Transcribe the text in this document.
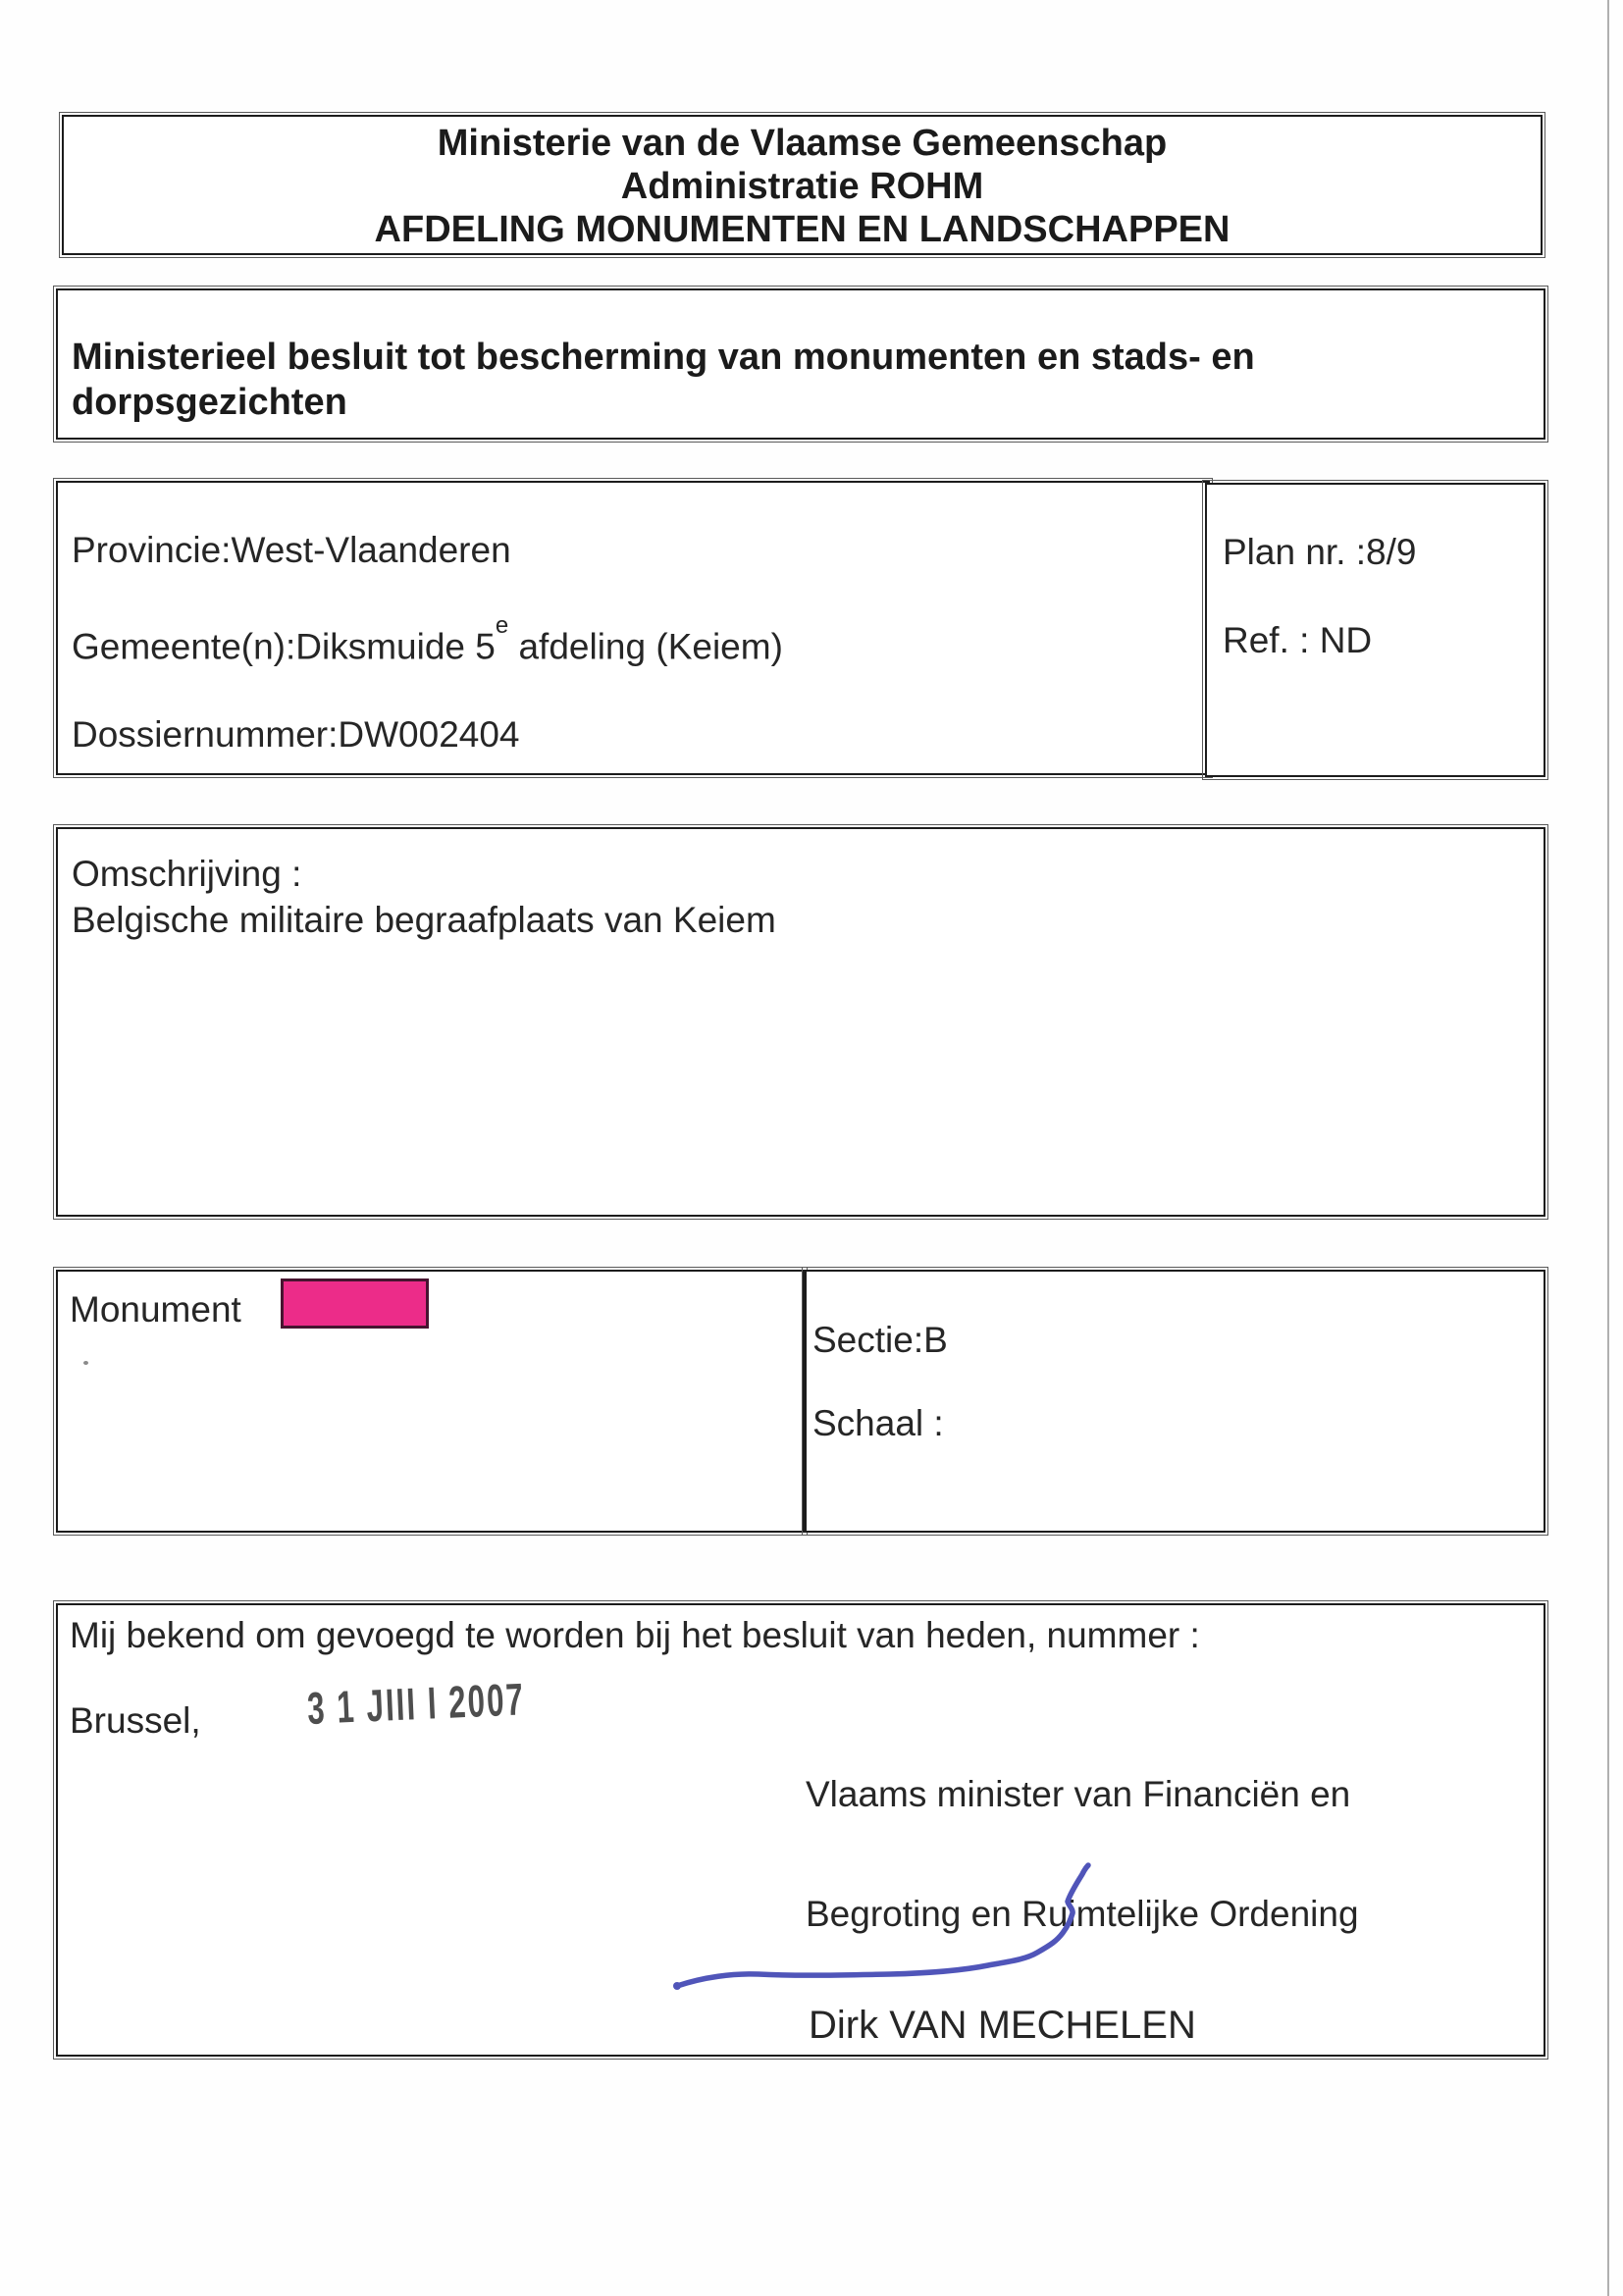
Ministerie van de Vlaamse Gemeenschap
Administratie ROHM
AFDELING MONUMENTEN EN LANDSCHAPPEN
Ministerieel besluit tot bescherming van monumenten en stads- en
dorpsgezichten
Provincie:West-Vlaanderen
Gemeente(n):Diksmuide 5e afdeling (Keiem)
Dossiernummer:DW002404
Plan nr. :8/9
Ref. : ND
Omschrijving :
Belgische militaire begraafplaats van Keiem
Monument
Sectie:B
Schaal :
Mij bekend om gevoegd te worden bij het besluit van heden, nummer :
Brussel, 3 1 JIII I 2007

Vlaams minister van Financiën en

Begroting en Ruimtelijke Ordening

Dirk VAN MECHELEN
